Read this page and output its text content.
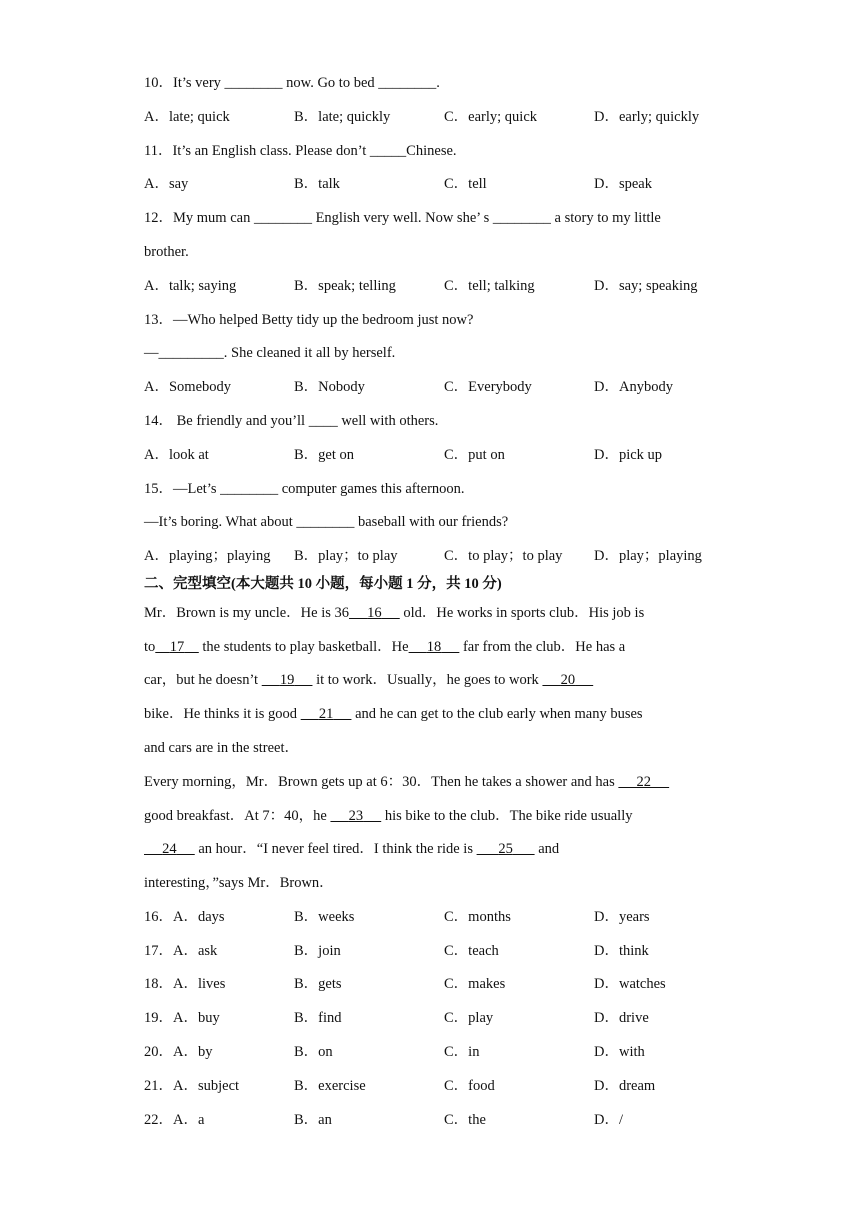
10．It’s very ________ now. Go to bed ________.
A．late; quick	B．late; quickly	C．early; quick	D．early; quickly
11．It’s an English class. Please don’t _____Chinese.
A．say	B．talk	C．tell	D．speak
12．My mum can ________ English very well. Now she’ s ________ a story to my little
brother.
A．talk; saying	B．speak; telling	C．tell; talking	D．say; speaking
13．—Who helped Betty tidy up the bedroom just now?
—_________. She cleaned it all by herself.
A．Somebody	B．Nobody	C．Everybody	D．Anybody
14． Be friendly and you’ll ____ well with others.
A．look at	B．get on	C．put on	D．pick up
15．—Let’s ________ computer games this afternoon.
—It’s boring. What about ________ baseball with our friends?
A．playing；playing B．play；to play	C．to play；to play D．play；playing
二、完型填空(本大题共 10 小题，每小题 1 分，共 10 分)
Mr．Brown is my uncle．He is 36 16      old．He works in sports club．His job is
to 17     the students to play basketball．He 18      far from the club．He has a
car，but he doesn’t      19      it to work．Usually，he goes to work      20
bike．He thinks it is good      21      and he can get to the club early when many buses
and cars are in the street．
Every morning，Mr．Brown gets up at 6：30．Then he takes a shower and has      22
good breakfast．At 7：40，he      23      his bike to the club．The bike ride usually
24      an hour．“I never feel tired．I think the ride is       25       and
interesting，”says Mr．Brown．
16．A．days	B．weeks	C．months	D．years
17．A．ask	B．join	C．teach	D．think
18．A．lives	B．gets	C．makes	D．watches
19．A．buy	B．find	C．play	D．drive
20．A．by	B．on	C．in	D．with
21．A．subject	B．exercise	C．food	D．dream
22．A．a	B．an	C．the	D．/
